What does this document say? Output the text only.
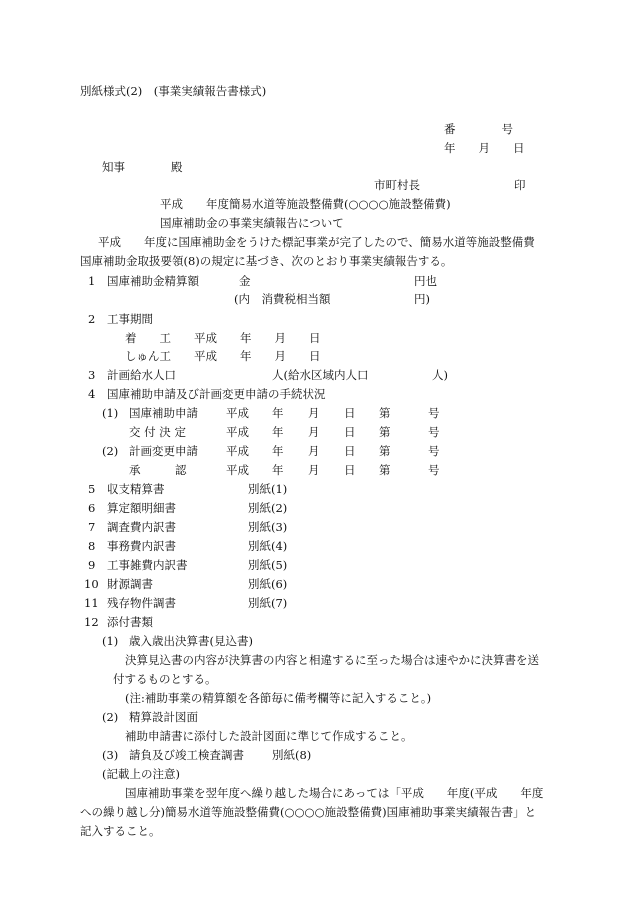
別紙様式(2)　(事業実績報告書様式)
番　　　　号
年　　月　　日
知事　　　　殿
市町村長	印
平成　　年度簡易水道等施設整備費(○○○○施設整備費)
国庫補助金の事業実績報告について
平成　　年度に国庫補助金をうけた標記事業が完了したので、簡易水道等施設整備費
国庫補助金取扱要領(8)の規定に基づき、次のとおり事業実績報告する。
1 国庫補助金精算額	金	円也
(内　消費税相当額	円)
2 工事期間
着　　工　　平成　　年　　月　　日
しゅん工　　平成　　年　　月　　日
3 計画給水人口	人(給水区域内人口	人)
4 国庫補助申請及び計画変更申請の手続状況
(1) 国庫補助申請 平成 年 月 日 第	号
交 付 決 定	平成 年 月 日 第	号
(2) 計画変更申請 平成 年 月 日 第	号
承　　　認	平成 年 月 日 第	号
5 収支精算書	別紙(1)
6 算定額明細書	別紙(2)
7 調査費内訳書	別紙(3)
8 事務費内訳書	別紙(4)
9 工事雑費内訳書	別紙(5)
10 財源調書	別紙(6)
11 残存物件調書	別紙(7)
12 添付書類
(1) 歳入歳出決算書(見込書)
決算見込書の内容が決算書の内容と相違するに至った場合は速やかに決算書を送
付するものとする。
(注:補助事業の精算額を各節毎に備考欄等に記入すること。)
(2) 精算設計図面
補助申請書に添付した設計図面に準じて作成すること。
(3) 請負及び竣工検査調書 別紙(8)
(記載上の注意)
国庫補助事業を翌年度へ繰り越した場合にあっては「平成　　年度(平成　　年度
への繰り越し分)簡易水道等施設整備費(○○○○施設整備費)国庫補助事業実績報告書」と
記入すること。
